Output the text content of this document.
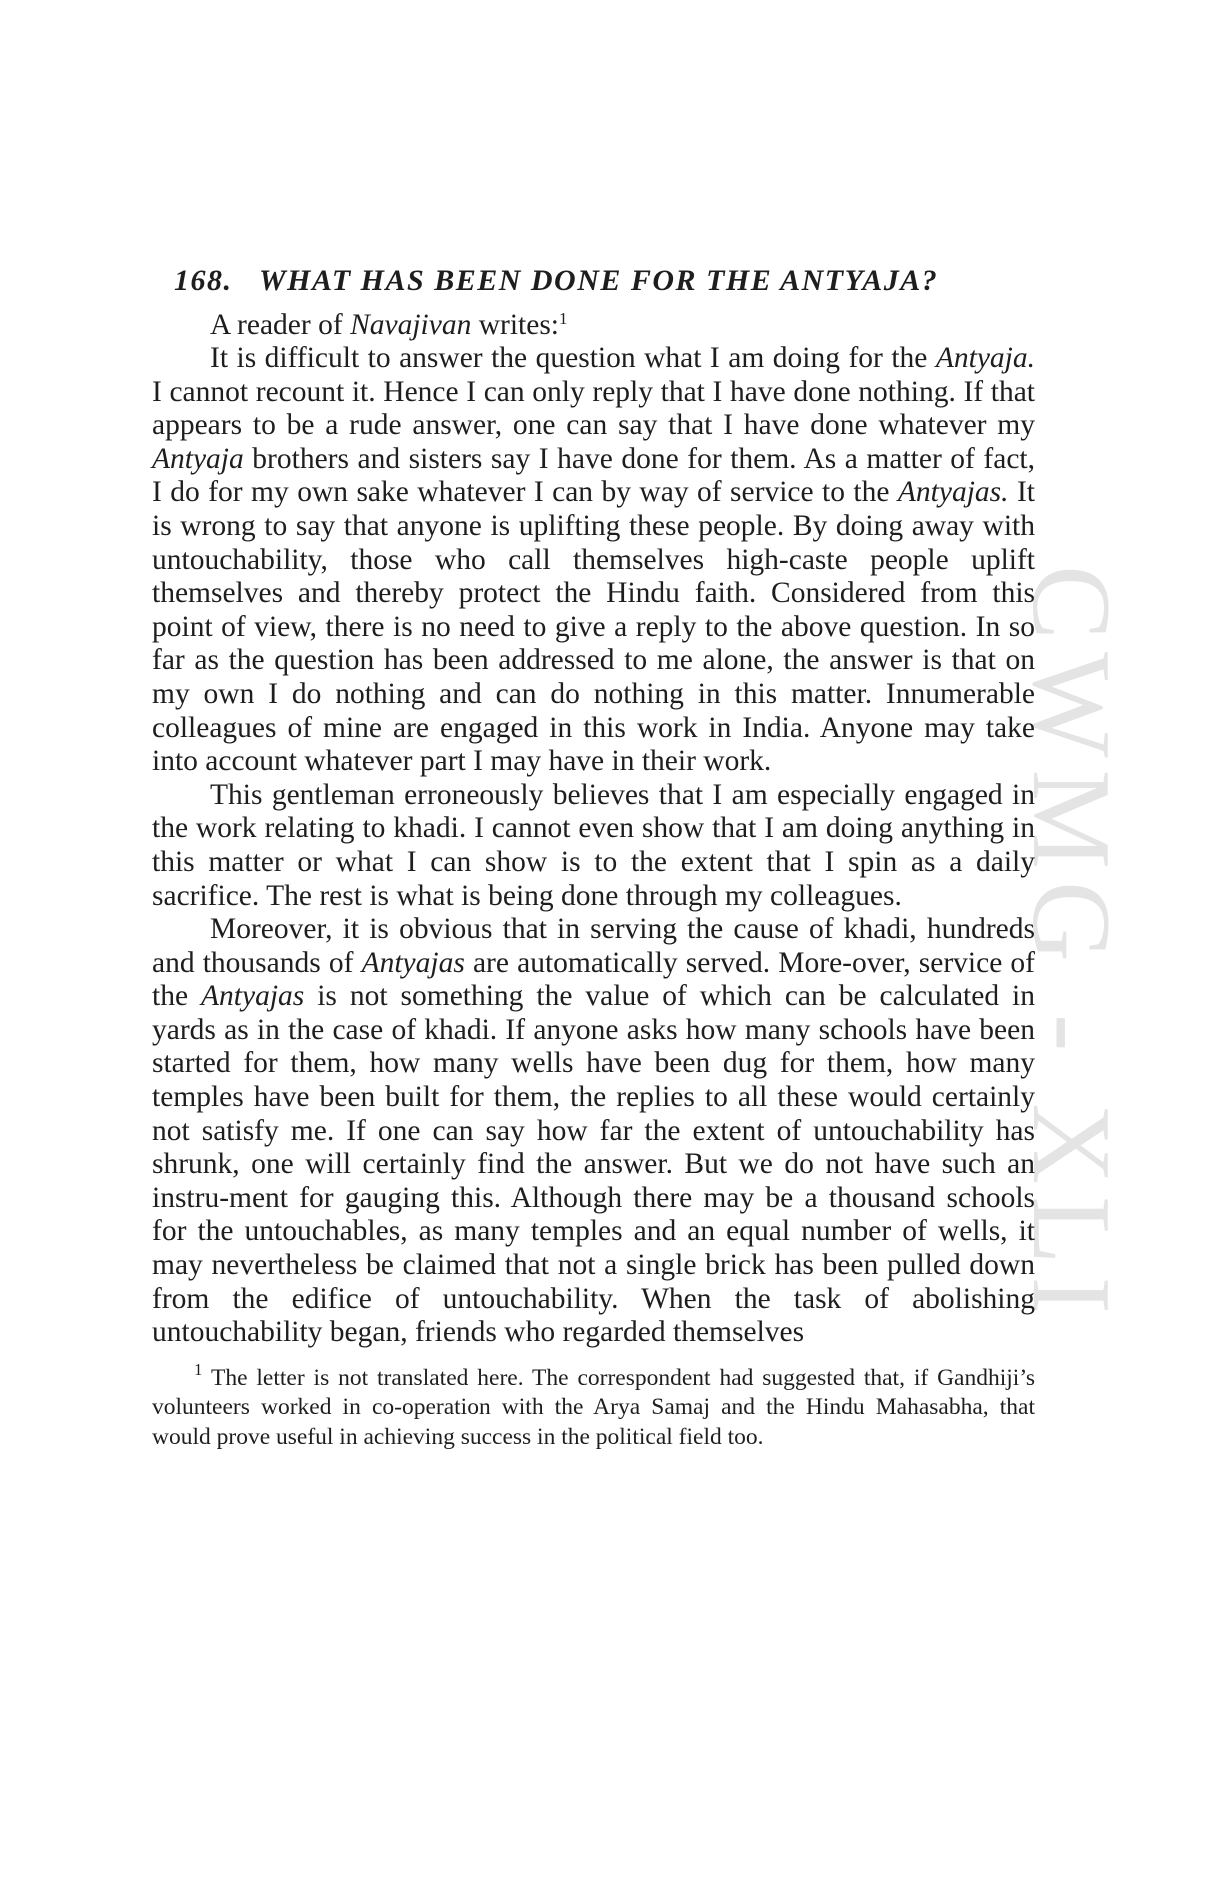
CWMG - XLI
168. WHAT HAS BEEN DONE FOR THE ANTYAJA?

A reader of Navajivan writes:$^1$

It is difficult to answer the question what I am doing for the Antyaja. I cannot recount it. Hence I can only reply that I have done nothing. If that appears to be a rude answer, one can say that I have done whatever my Antyaja brothers and sisters say I have done for them. As a matter of fact, I do for my own sake whatever I can by way of service to the Antyajas. It is wrong to say that anyone is uplifting these people. By doing away with untouchability, those who call themselves high-caste people uplift themselves and thereby protect the Hindu faith. Considered from this point of view, there is no need to give a reply to the above question. In so far as the question has been addressed to me alone, the answer is that on my own I do nothing and can do nothing in this matter. Innumerable colleagues of mine are engaged in this work in India. Anyone may take into account whatever part I may have in their work.

This gentleman erroneously believes that I am especially engaged in the work relating to khadi. I cannot even show that I am doing anything in this matter or what I can show is to the extent that I spin as a daily sacrifice. The rest is what is being done through my colleagues.

Moreover, it is obvious that in serving the cause of khadi, hundreds and thousands of Antyajas are automatically served. More-over, service of the Antyajas is not something the value of which can be calculated in yards as in the case of khadi. If anyone asks how many schools have been started for them, how many wells have been dug for them, how many temples have been built for them, the replies to all these would certainly not satisfy me. If one can say how far the extent of untouchability has shrunk, one will certainly find the answer. But we do not have such an instru-ment for gauging this. Although there may be a thousand schools for the untouchables, as many temples and an equal number of wells, it may nevertheless be claimed that not a single brick has been pulled down from the edifice of untouchability. When the task of abolishing untouchability began, friends who regarded themselves

$^1$ The letter is not translated here. The correspondent had suggested that, if Gandhiji’s volunteers worked in co-operation with the Arya Samaj and the Hindu Mahasabha, that would prove useful in achieving success in the political field too.
